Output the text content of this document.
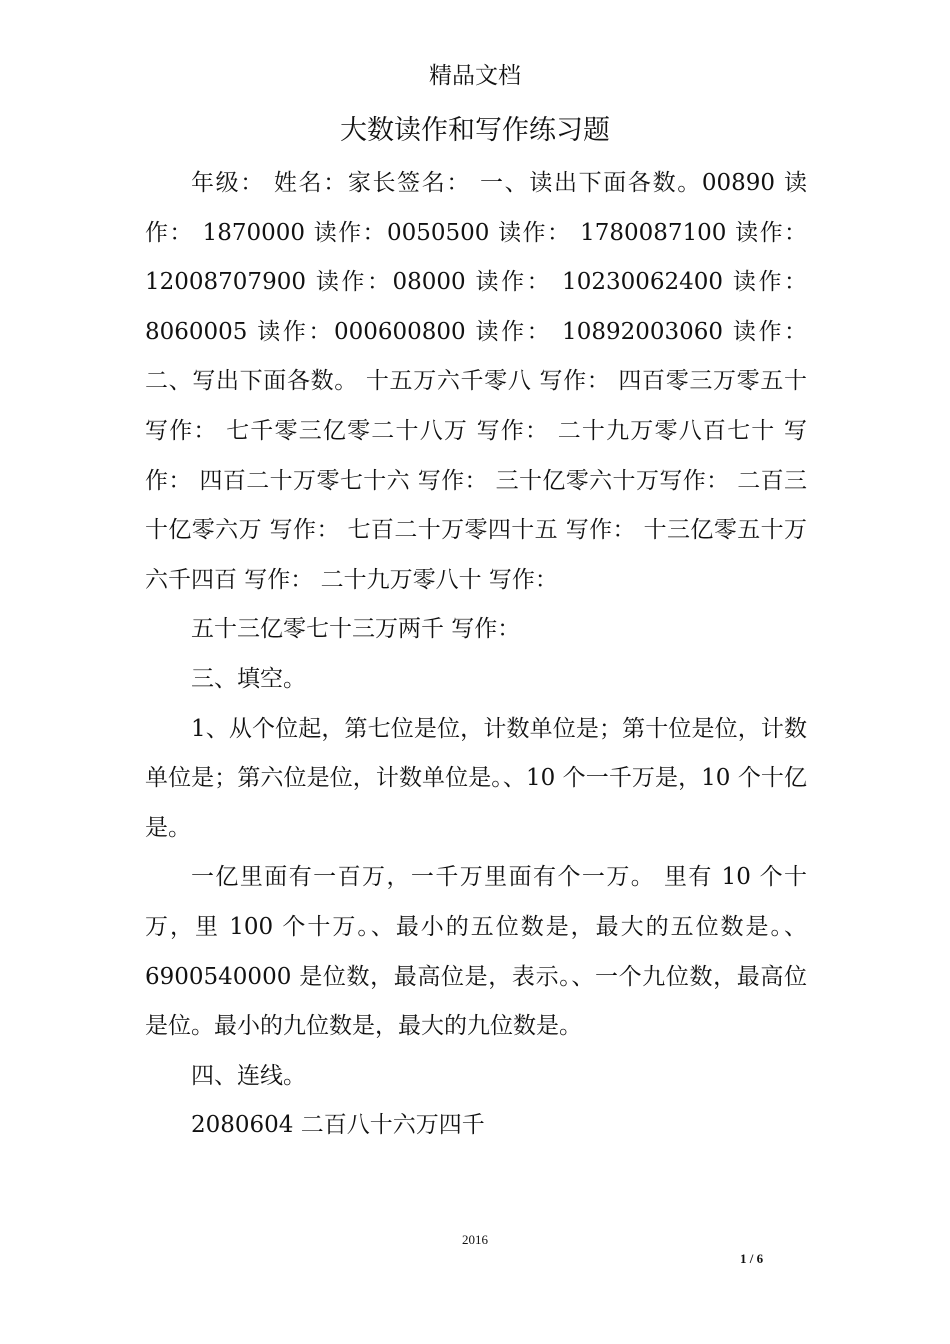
精品文档
大数读作和写作练习题

年级： 姓名：家长签名： 一、读出下面各数。00890 读作： 1870000 读作：0050500 读作： 1780087100 读作： 12008707900 读作：08000 读作： 10230062400 读作： 8060005 读作：000600800 读作： 10892003060 读作： 二、写出下面各数。 十五万六千零八 写作： 四百零三万零五十 写作： 七千零三亿零二十八万 写作： 二十九万零八百七十 写作： 四百二十万零七十六 写作： 三十亿零六十万写作： 二百三十亿零六万 写作： 七百二十万零四十五 写作： 十三亿零五十万六千四百 写作： 二十九万零八十 写作：

五十三亿零七十三万两千 写作：

三、填空。

1、从个位起，第七位是位，计数单位是；第十位是位，计数单位是；第六位是位，计数单位是。、10 个一千万是，10 个十亿是。

一亿里面有一百万，一千万里面有个一万。 里有 10 个十万，里 100 个十万。、最小的五位数是，最大的五位数是。、6900540000 是位数，最高位是，表示。、一个九位数，最高位是位。最小的九位数是，最大的九位数是。

四、连线。

2080604 二百八十六万四千

2016
1 / 6
